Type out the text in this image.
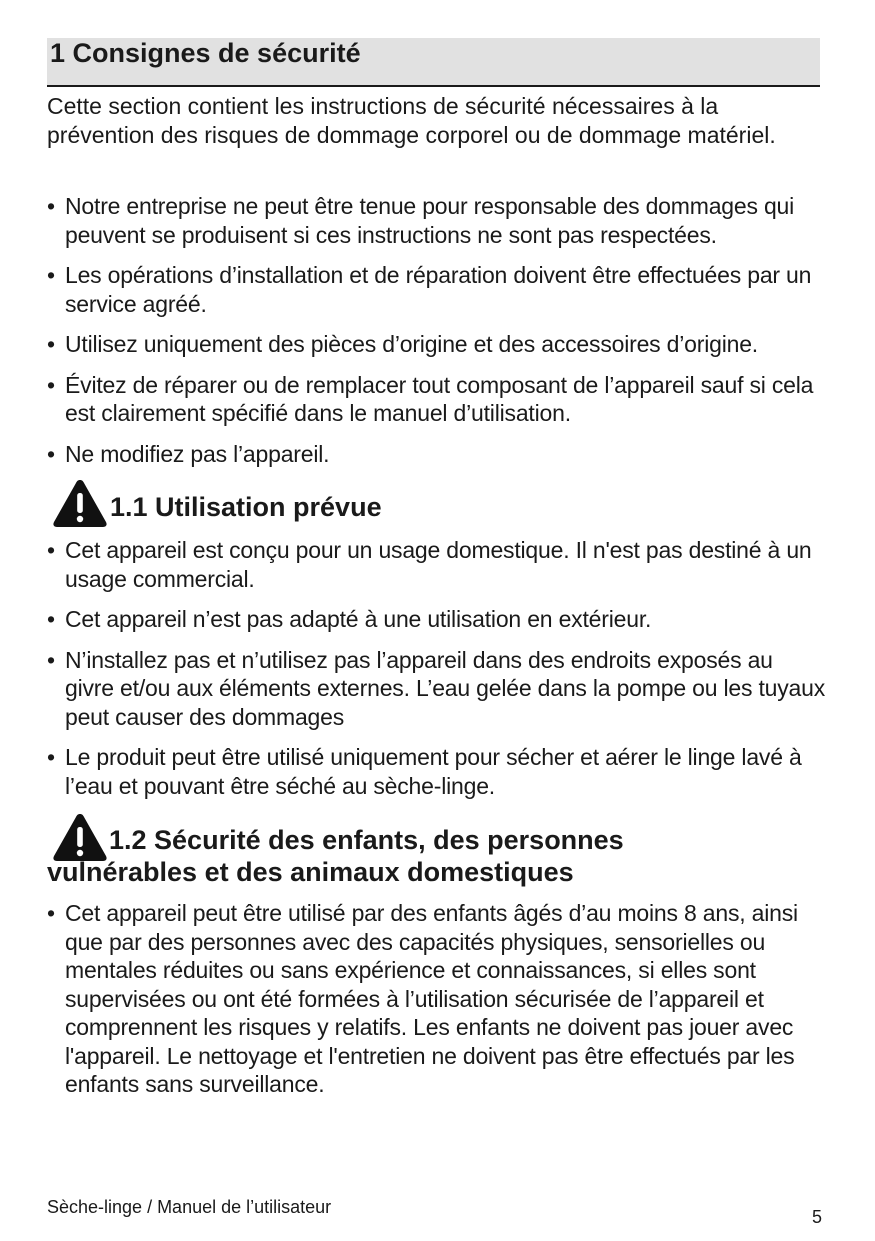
1 Consignes de sécurité

Cette section contient les instructions de sécurité nécessaires à la prévention des risques de dommage corporel ou de dommage matériel.

• Notre entreprise ne peut être tenue pour responsable des dommages qui peuvent se produisent si ces instructions ne sont pas respectées.
• Les opérations d’installation et de réparation doivent être effectuées par un service agréé.
• Utilisez uniquement des pièces d’origine et des accessoires d’origine.
• Évitez de réparer ou de remplacer tout composant de l’appareil sauf si cela est clairement spécifié dans le manuel d’utilisation.
• Ne modifiez pas l’appareil.
1.1 Utilisation prévue
• Cet appareil est conçu pour un usage domestique. Il n'est pas destiné à un usage commercial.
• Cet appareil n’est pas adapté à une utilisation en extérieur.
• N’installez pas et n’utilisez pas l’appareil dans des endroits exposés au givre et/ou aux éléments externes. L’eau gelée dans la pompe ou les tuyaux peut causer des dommages
• Le produit peut être utilisé uniquement pour sécher et aérer le linge lavé à l’eau et pouvant être séché au sèche-linge.
1.2 Sécurité des enfants, des personnes vulnérables et des animaux domestiques
• Cet appareil peut être utilisé par des enfants âgés d’au moins 8 ans, ainsi que par des personnes avec des capacités physiques, sensorielles ou mentales réduites ou sans expérience et connaissances, si elles sont supervisées ou ont été formées à l’utilisation sécurisée de l’appareil et comprennent les risques y relatifs. Les enfants ne doivent pas jouer avec l'appareil. Le nettoyage et l'entretien ne doivent pas être effectués par les enfants sans surveillance.
Sèche-linge / Manuel de l’utilisateur	5
